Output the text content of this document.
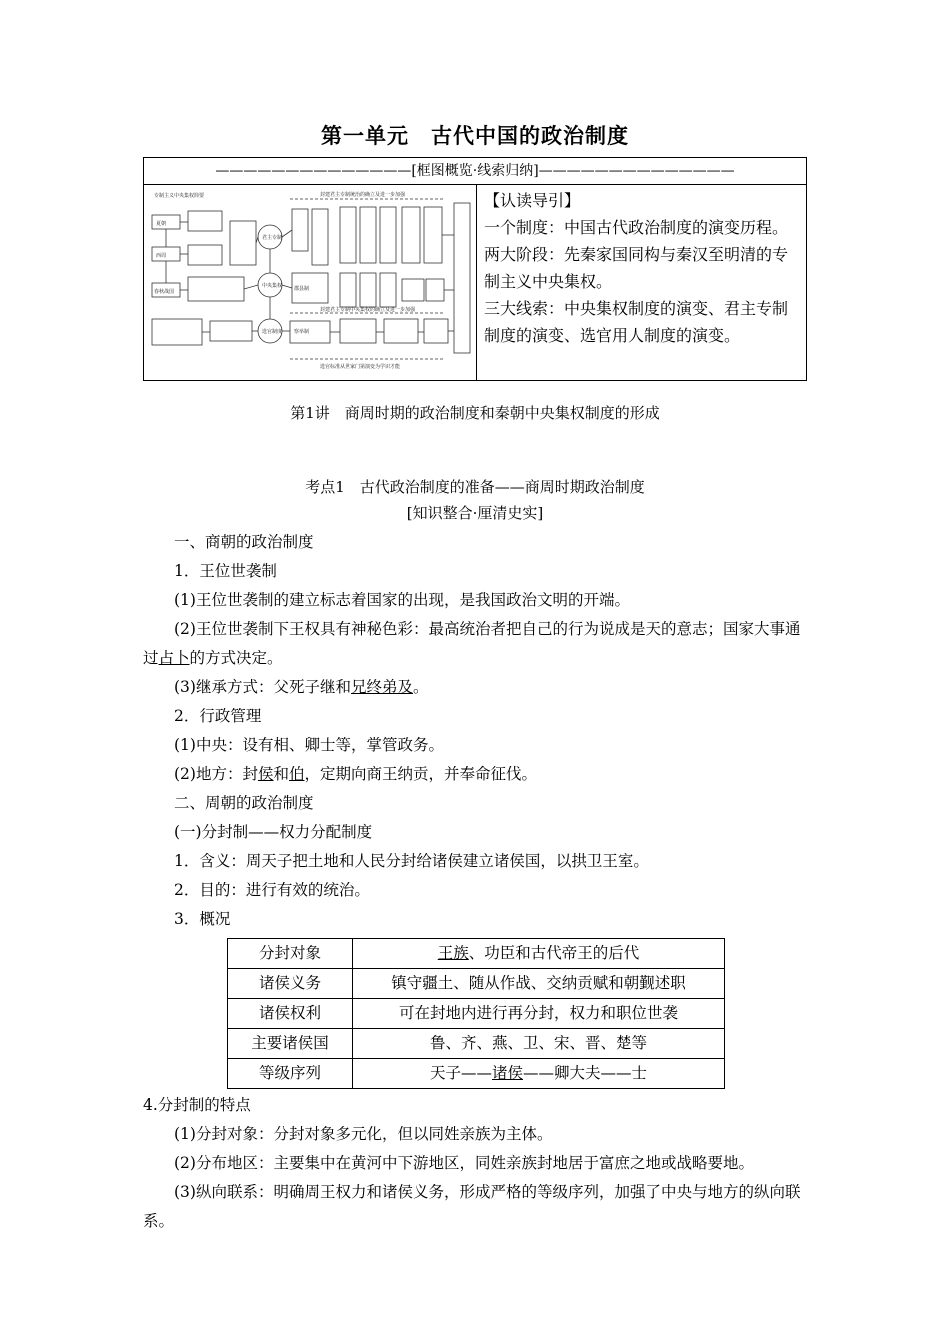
第一单元　古代中国的政治制度
——————————————[框图概览·线索归纳]——————————————
专制主义中央集权简要	封建君主专制统治的确立及进一步加强
封建君主专制中央集权的确立及进一步加强
选官标准从世家门第演变为学识才能
夏朝
西周
春秋战国
君主专制
中央集权
选官制度 察举制
郡县制

【认读导引】

一个制度：中国古代政治制度的演变历程。

两大阶段：先秦家国同构与秦汉至明清的专制主义中央集权。

三大线索：中央集权制度的演变、君主专制制度的演变、选官用人制度的演变。

第1讲　商周时期的政治制度和秦朝中央集权制度的形成
考点1　古代政治制度的准备——商周时期政治制度
[知识整合·厘清史实]

一、商朝的政治制度

1．王位世袭制

(1)王位世袭制的建立标志着国家的出现，是我国政治文明的开端。

(2)王位世袭制下王权具有神秘色彩：最高统治者把自己的行为说成是天的意志；国家大事通过占卜的方式决定。

(3)继承方式：父死子继和兄终弟及。

2．行政管理

(1)中央：设有相、卿士等，掌管政务。

(2)地方：封侯和伯，定期向商王纳贡，并奉命征伐。

二、周朝的政治制度

(一)分封制——权力分配制度

1．含义：周天子把土地和人民分封给诸侯建立诸侯国，以拱卫王室。

2．目的：进行有效的统治。

3．概况

分封对象	王族、功臣和古代帝王的后代
诸侯义务	镇守疆土、随从作战、交纳贡赋和朝觐述职
诸侯权利	可在封地内进行再分封，权力和职位世袭
主要诸侯国	鲁、齐、燕、卫、宋、晋、楚等
等级序列	天子——诸侯——卿大夫——士

4.分封制的特点

(1)分封对象：分封对象多元化，但以同姓亲族为主体。

(2)分布地区：主要集中在黄河中下游地区，同姓亲族封地居于富庶之地或战略要地。

(3)纵向联系：明确周王权力和诸侯义务，形成严格的等级序列，加强了中央与地方的纵向联系。
